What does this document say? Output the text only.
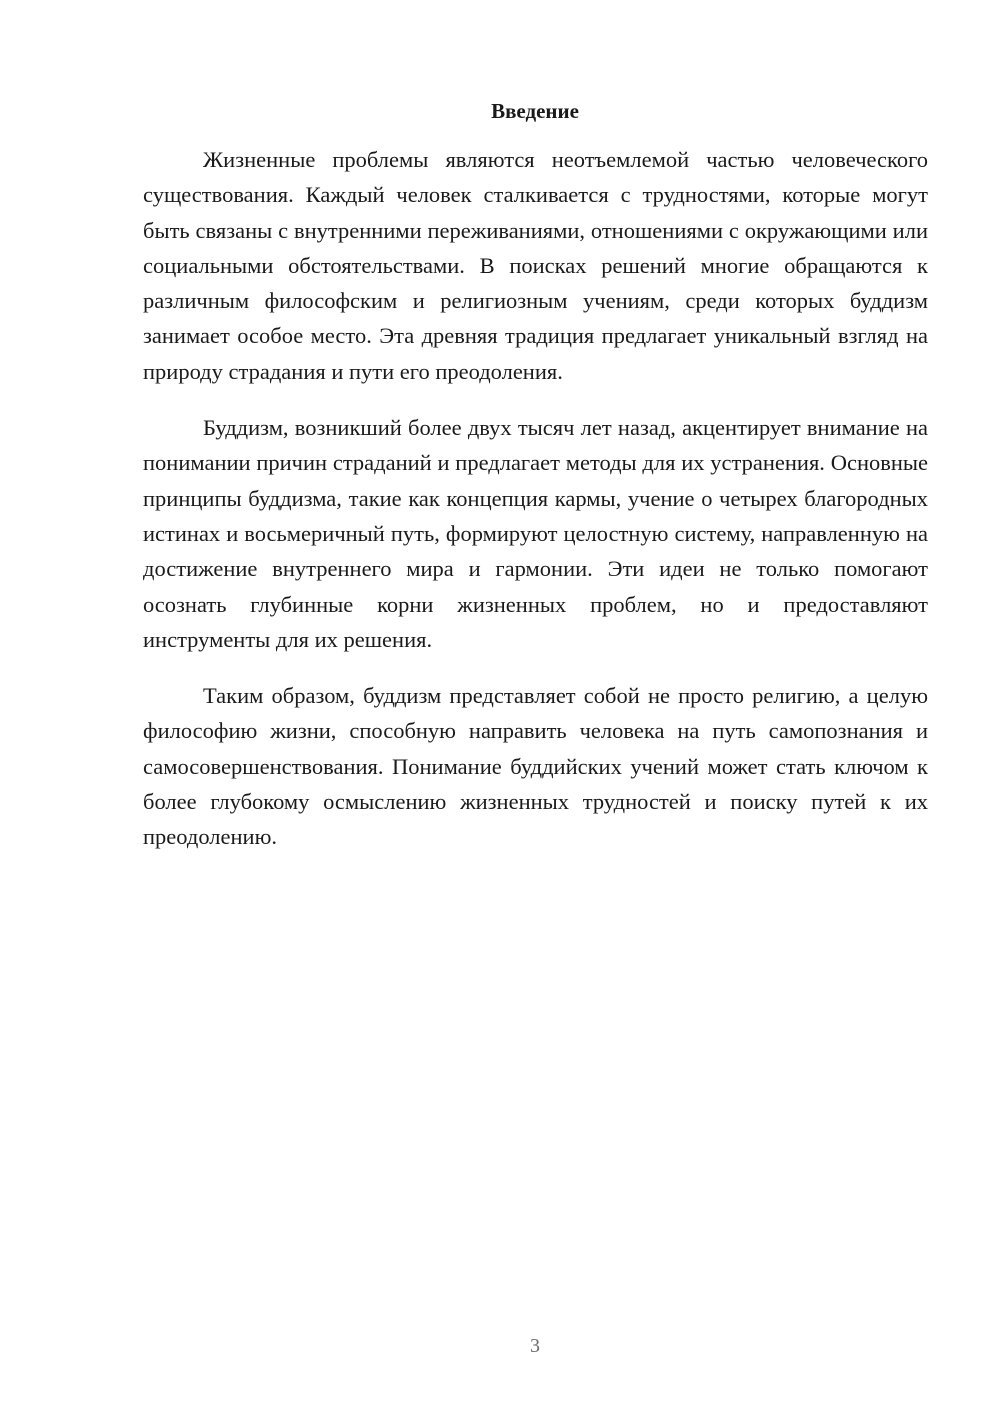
Введение

Жизненные проблемы являются неотъемлемой частью человеческого существования. Каждый человек сталкивается с трудностями, которые могут быть связаны с внутренними переживаниями, отношениями с окружающими или социальными обстоятельствами. В поисках решений многие обращаются к различным философским и религиозным учениям, среди которых буддизм занимает особое место. Эта древняя традиция предлагает уникальный взгляд на природу страдания и пути его преодоления.

Буддизм, возникший более двух тысяч лет назад, акцентирует внимание на понимании причин страданий и предлагает методы для их устранения. Основные принципы буддизма, такие как концепция кармы, учение о четырех благородных истинах и восьмеричный путь, формируют целостную систему, направленную на достижение внутреннего мира и гармонии. Эти идеи не только помогают осознать глубинные корни жизненных проблем, но и предоставляют инструменты для их решения.

Таким образом, буддизм представляет собой не просто религию, а целую философию жизни, способную направить человека на путь самопознания и самосовершенствования. Понимание буддийских учений может стать ключом к более глубокому осмыслению жизненных трудностей и поиску путей к их преодолению.

3
